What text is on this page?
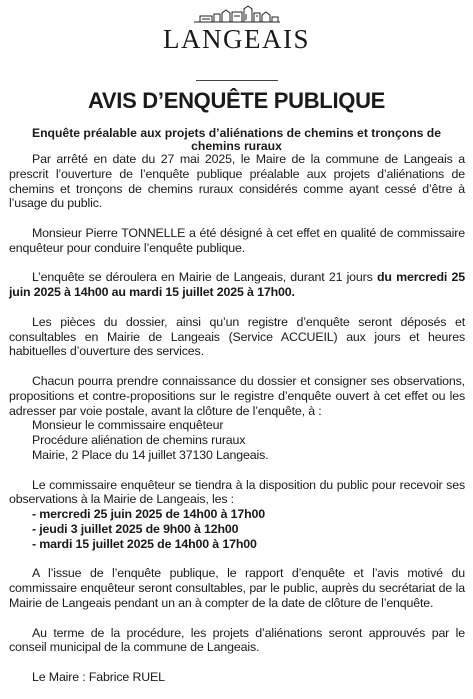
LANGEAIS
AVIS D’ENQUÊTE PUBLIQUE
Enquête préalable aux projets d’aliénations de chemins et tronçons de chemins ruraux

Par arrêté en date du 27 mai 2025, le Maire de la commune de Langeais a prescrit l’ouverture de l’enquête publique préalable aux projets d’aliénations de chemins et tronçons de chemins ruraux considérés comme ayant cessé d’être à l’usage du public.

Monsieur Pierre TONNELLE a été désigné à cet effet en qualité de commissaire enquêteur pour conduire l’enquête publique.

L’enquête se déroulera en Mairie de Langeais, durant 21 jours du mercredi 25 juin 2025 à 14h00 au mardi 15 juillet 2025 à 17h00.

Les pièces du dossier, ainsi qu’un registre d’enquête seront déposés et consultables en Mairie de Langeais (Service ACCUEIL) aux jours et heures habituelles d’ouverture des services.

Chacun pourra prendre connaissance du dossier et consigner ses observations, propositions et contre-propositions sur le registre d’enquête ouvert à cet effet ou les adresser par voie postale, avant la clôture de l’enquête, à :

Monsieur le commissaire enquêteur
Procédure aliénation de chemins ruraux
Mairie, 2 Place du 14 juillet 37130 Langeais.

Le commissaire enquêteur se tiendra à la disposition du public pour recevoir ses observations à la Mairie de Langeais, les :

- mercredi 25 juin 2025 de 14h00 à 17h00
- jeudi 3 juillet 2025 de 9h00 à 12h00
- mardi 15 juillet 2025 de 14h00 à 17h00

A l’issue de l’enquête publique, le rapport d’enquête et l’avis motivé du commissaire enquêteur seront consultables, par le public, auprès du secrétariat de la Mairie de Langeais pendant un an à compter de la date de clôture de l’enquête.

Au terme de la procédure, les projets d’aliénations seront approuvés par le conseil municipal de la commune de Langeais.

Le Maire : Fabrice RUEL
